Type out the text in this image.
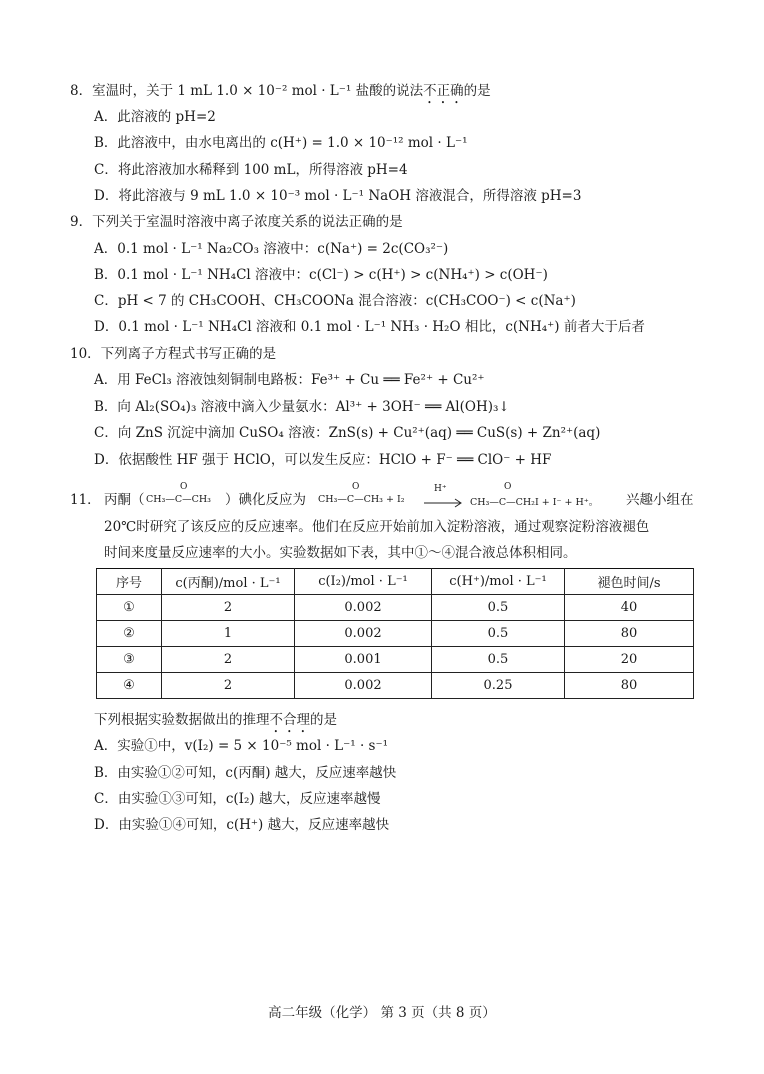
8．室温时，关于 1 mL 1.0 × 10⁻² mol · L⁻¹ 盐酸的说法不正确的是
A．此溶液的 pH=2
B．此溶液中，由水电离出的 c(H⁺) = 1.0 × 10⁻¹² mol · L⁻¹
C．将此溶液加水稀释到 100 mL，所得溶液 pH=4
D．将此溶液与 9 mL 1.0 × 10⁻³ mol · L⁻¹ NaOH 溶液混合，所得溶液 pH=3
9．下列关于室温时溶液中离子浓度关系的说法正确的是
A．0.1 mol · L⁻¹ Na₂CO₃ 溶液中：c(Na⁺) = 2c(CO₃²⁻)
B．0.1 mol · L⁻¹ NH₄Cl 溶液中：c(Cl⁻) > c(H⁺) > c(NH₄⁺) > c(OH⁻)
C．pH < 7 的 CH₃COOH、CH₃COONa 混合溶液：c(CH₃COO⁻) < c(Na⁺)
D．0.1 mol · L⁻¹ NH₄Cl 溶液和 0.1 mol · L⁻¹ NH₃ · H₂O 相比，c(NH₄⁺) 前者大于后者
10．下列离子方程式书写正确的是
A．用 FeCl₃ 溶液蚀刻铜制电路板：Fe³⁺ + Cu ══ Fe²⁺ + Cu²⁺
B．向 Al₂(SO₄)₃ 溶液中滴入少量氨水：Al³⁺ + 3OH⁻ ══ Al(OH)₃↓
C．向 ZnS 沉淀中滴加 CuSO₄ 溶液：ZnS(s) + Cu²⁺(aq) ══ CuS(s) + Zn²⁺(aq)
D．依据酸性 HF 强于 HClO，可以发生反应：HClO + F⁻ ══ ClO⁻ + HF
11． 丙酮（
O
CH₃—C—CH₃ ）碘化反应为
O
CH₃—C—CH₃ + I₂
H⁺	O
CH₃—C—CH₂I + I⁻ + H⁺。 兴趣小组在
20℃时研究了该反应的反应速率。他们在反应开始前加入淀粉溶液，通过观察淀粉溶液褪色
时间来度量反应速率的大小。实验数据如下表，其中①～④混合液总体积相同。
序号	c(丙酮)/mol · L⁻¹	c(I₂)/mol · L⁻¹	c(H⁺)/mol · L⁻¹	褪色时间/s
①	2	0.002	0.5	40
②	1	0.002	0.5	80
③	2	0.001	0.5	20
④	2	0.002	0.25	80
下列根据实验数据做出的推理不合理的是
A．实验①中，v(I₂) = 5 × 10⁻⁵ mol · L⁻¹ · s⁻¹
B．由实验①②可知，c(丙酮) 越大，反应速率越快
C．由实验①③可知，c(I₂) 越大，反应速率越慢
D．由实验①④可知，c(H⁺) 越大，反应速率越快
高二年级（化学） 第 3 页（共 8 页）
